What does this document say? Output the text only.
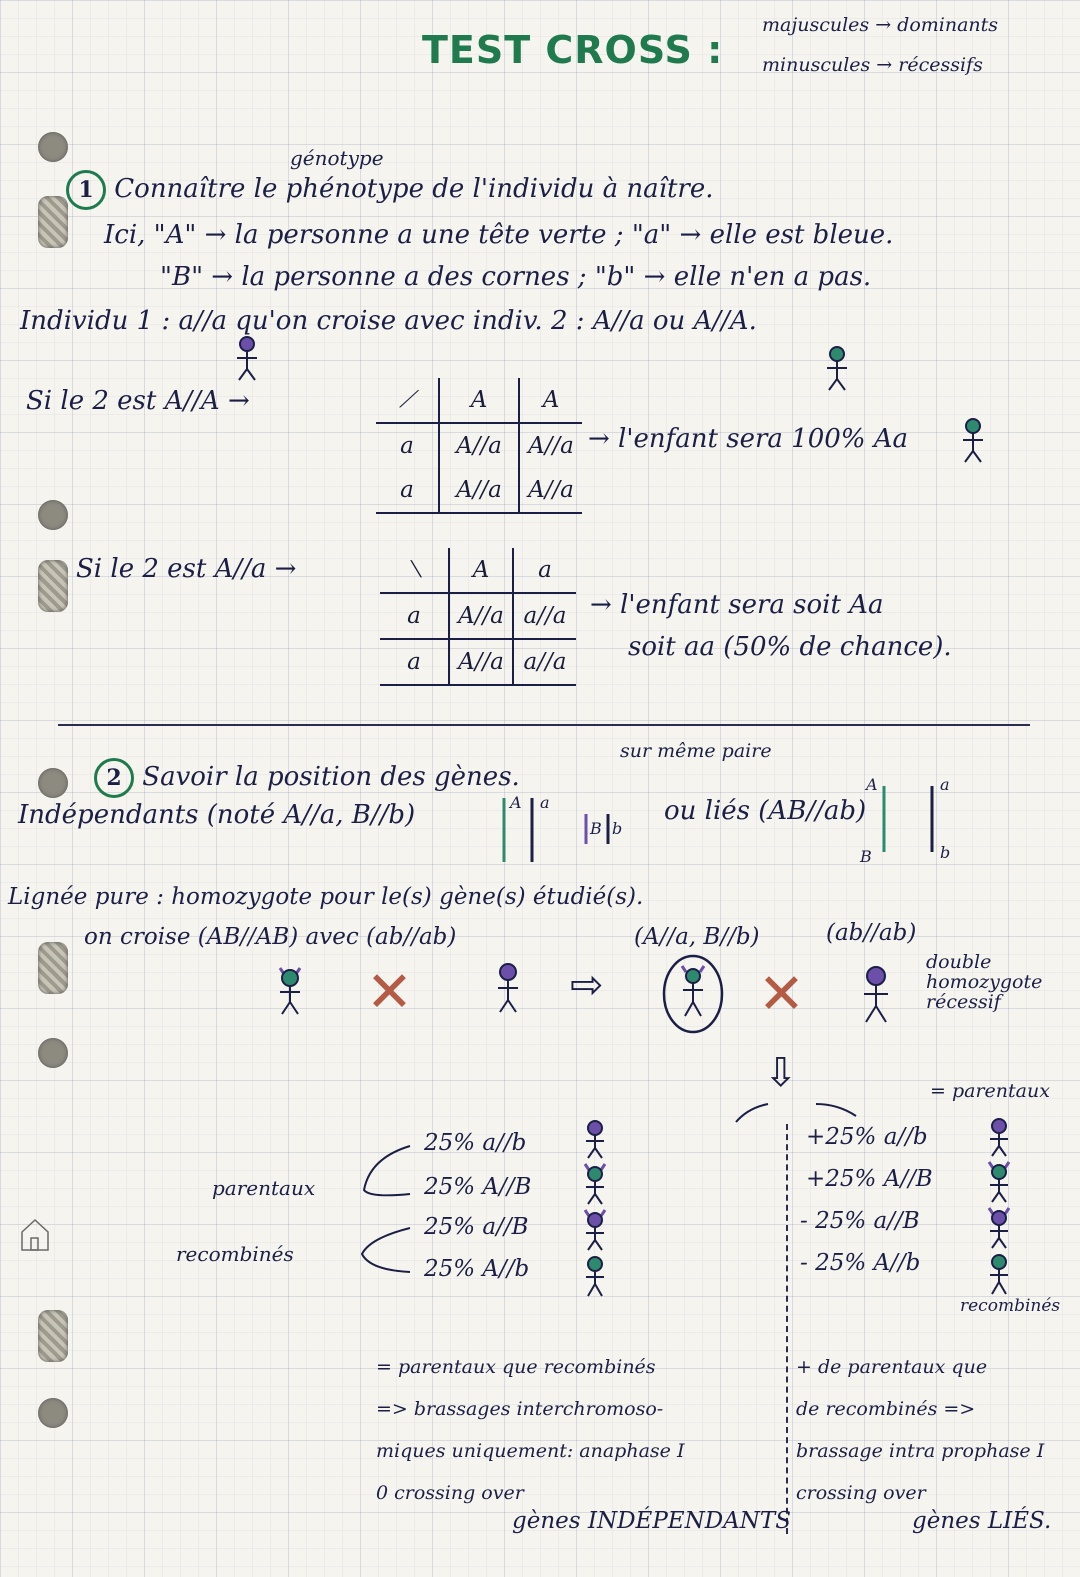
TEST CROSS :
majuscules → dominants
minuscules → récessifs
génotype
1 Connaître le phénotype de l'individu à naître.
Ici, "A" → la personne a une tête verte ; "a" → elle est bleue.
"B" → la personne a des cornes ; "b" → elle n'en a pas.
Individu 1 : a//a qu'on croise avec indiv. 2 : A//a ou A//A.
Si le 2 est A//A →	⟋	A	A
a	A//a	A//a
a	A//a	A//a
→ l'enfant sera 100% Aa
Si le 2 est A//a →	⟍	A	a
a	A//a	a//a
a	A//a	a//a
→ l'enfant sera soit Aa
soit aa (50% de chance).
sur même paire
2 Savoir la position des gènes.
Indépendants (noté A//a, B//b)	A a
B b
ou liés (AB//ab)
A	a
B	b
Lignée pure : homozygote pour le(s) gène(s) étudié(s).
on croise (AB//AB) avec (ab//ab)	(A//a, B//b)	(ab//ab)
double
homozygote
récessif
✕	⇨	✕
⇩	= parentaux
parentaux
recombinés
25% a//b
25% A//B
25% a//B
25% A//b
+25% a//b
+25% A//B
- 25% a//B
- 25% A//b
recombinés
= parentaux que recombinés
=> brassages interchromoso-
miques uniquement: anaphase I
0 crossing over
gènes INDÉPENDANTS
+ de parentaux que
de recombinés =>
brassage intra prophase I
crossing over
gènes LIÉS.
